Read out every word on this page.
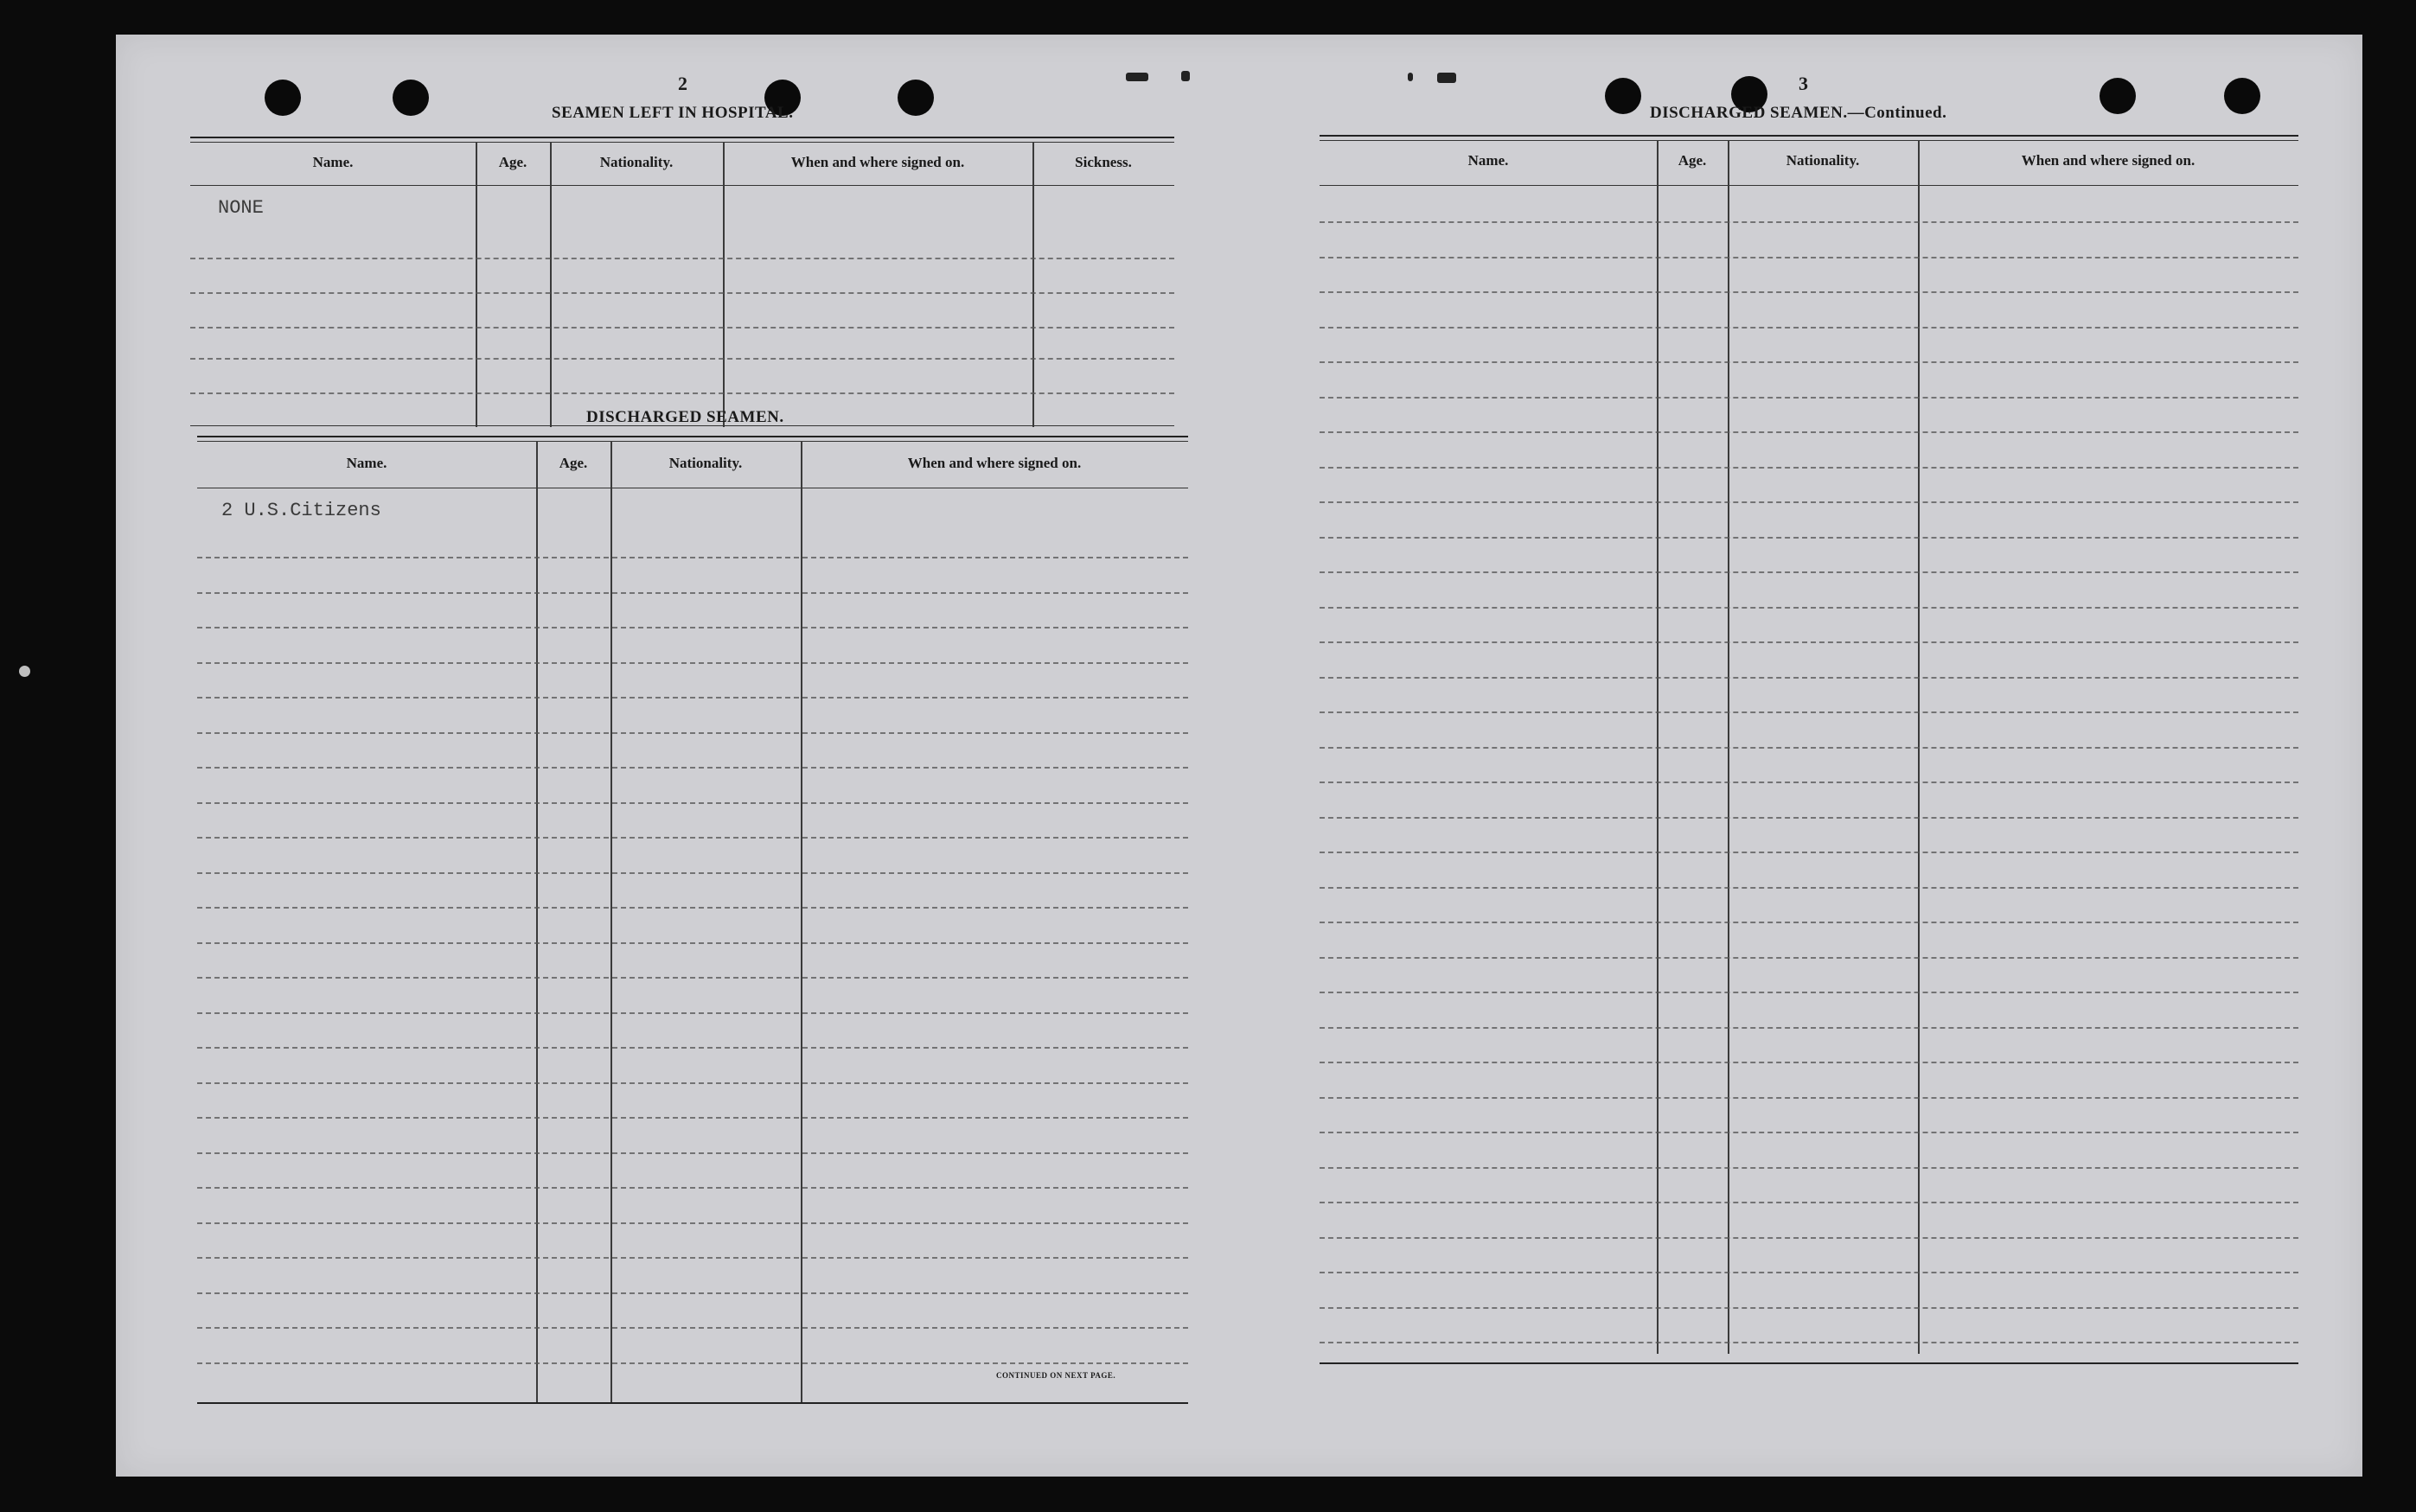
2
SEAMEN LEFT IN HOSPITAL.
Name.	Age.	Nationality.	When and where signed on.	Sickness.
NONE
DISCHARGED SEAMEN.
Name.	Age.	Nationality.	When and where signed on.
2 U.S.Citizens
CONTINUED ON NEXT PAGE.
3
DISCHARGED SEAMEN.—Continued.
Name.	Age.	Nationality.	When and where signed on.
